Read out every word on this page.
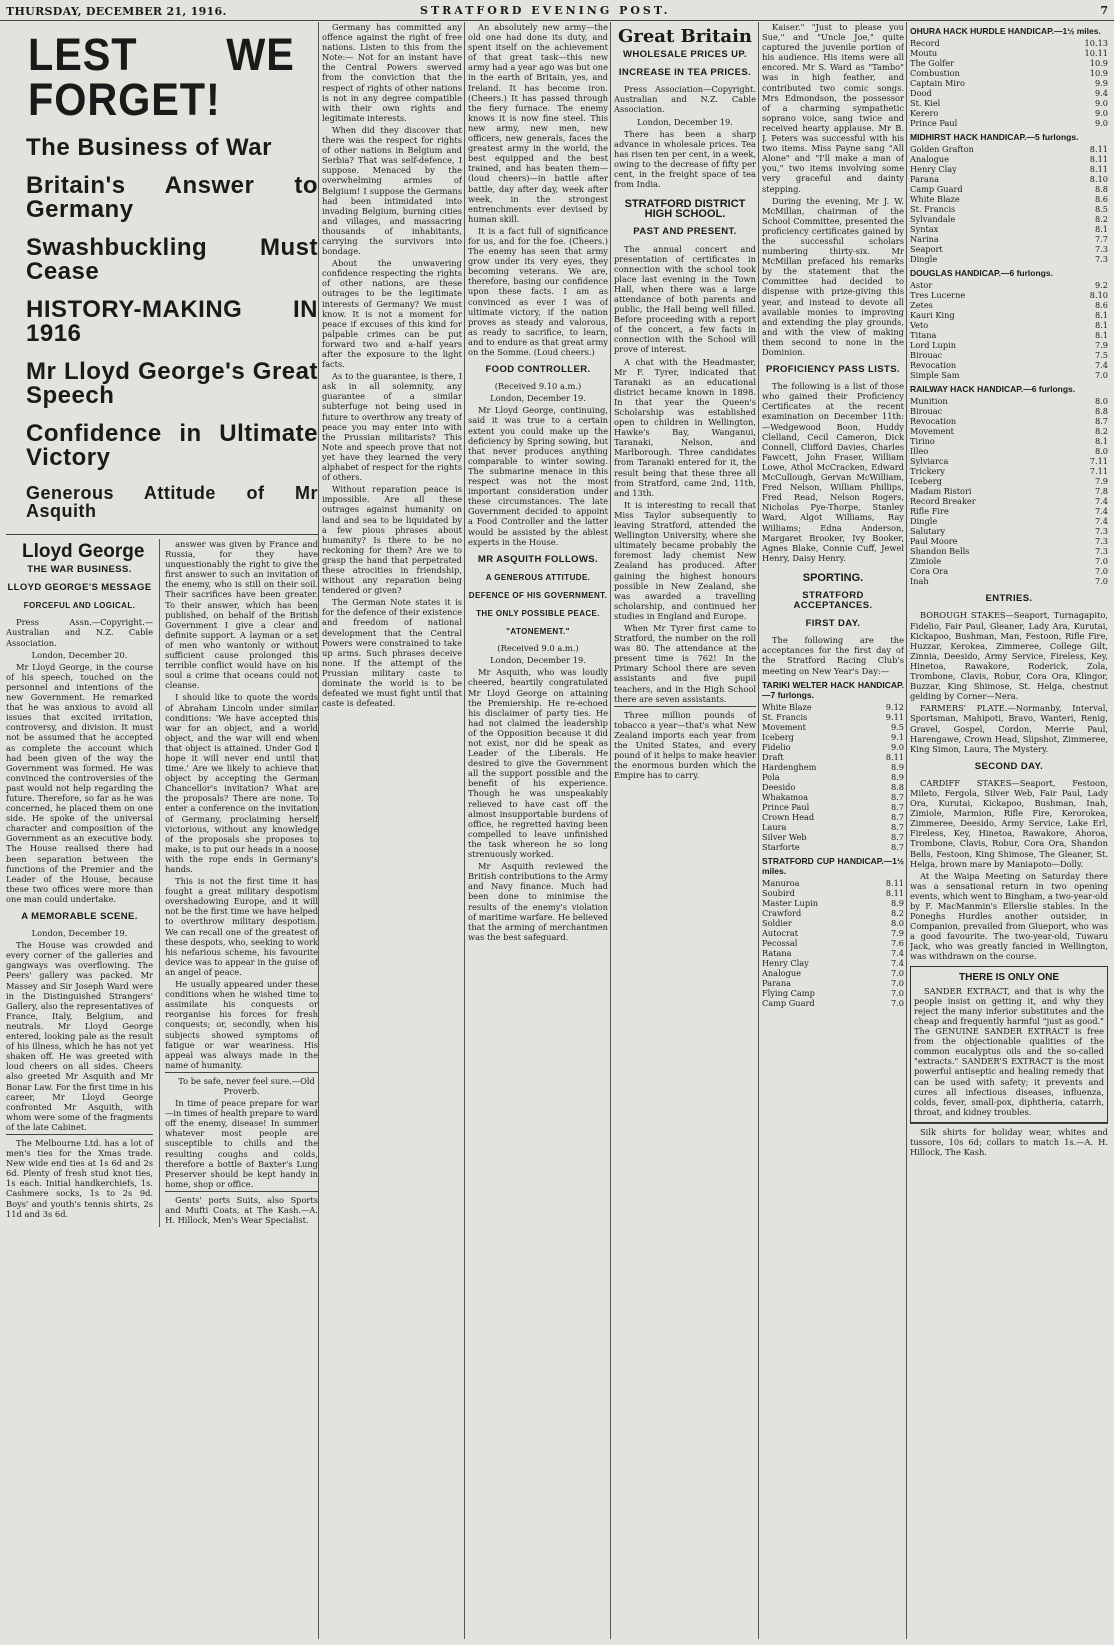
THURSDAY, DECEMBER 21, 1916.	STRATFORD EVENING POST.	7
LEST WE FORGET!
The Business of War
Britain's Answer to Germany
Swashbuckling Must Cease
HISTORY-MAKING IN 1916
Mr Lloyd George's Great Speech
Confidence in Ultimate Victory
Generous Attitude of Mr Asquith
Lloyd George
THE WAR BUSINESS.
LLOYD GEORGE'S MESSAGE
FORCEFUL AND LOGICAL.

Press Assn.—Copyright.—Australian and N.Z. Cable Association.

London, December 20.

Mr Lloyd George, in the course of his speech, touched on the personnel and intentions of the new Government. He remarked that he was anxious to avoid all issues that excited irritation, controversy, and division. It must not be assumed that he accepted as complete the account which had been given of the way the Government was formed. He was convinced the controversies of the past would not help regarding the future. Therefore, so far as he was concerned, he placed them on one side. He spoke of the universal character and composition of the Government as an executive body. The House realised there had been separation between the functions of the Premier and the Leader of the House, because these two offices were more than one man could undertake.

A MEMORABLE SCENE.
London, December 19.

The House was crowded and every corner of the galleries and gangways was overflowing. The Peers' gallery was packed. Mr Massey and Sir Joseph Ward were in the Distinguished Strangers' Gallery, also the representatives of France, Italy, Belgium, and neutrals. Mr Lloyd George entered, looking pale as the result of his illness, which he has not yet shaken off. He was greeted with loud cheers on all sides. Cheers also greeted Mr Asquith and Mr Bonar Law. For the first time in his career, Mr Lloyd George confronted Mr Asquith, with whom were some of the fragments of the late Cabinet.

The Melbourne Ltd. has a lot of men's ties for the Xmas trade. New wide end ties at 1s 6d and 2s 6d. Plenty of fresh stud knot ties, 1s each. Initial handkerchiefs, 1s. Cashmere socks, 1s to 2s 9d. Boys' and youth's tennis shirts, 2s 11d and 3s 6d.

answer was given by France and Russia, for they have unquestionably the right to give the first answer to such an invitation of the enemy, who is still on their soil. Their sacrifices have been greater. To their answer, which has been published, on behalf of the British Government I give a clear and definite support. A layman or a set of men who wantonly or without sufficient cause prolonged this terrible conflict would have on his soul a crime that oceans could not cleanse.

I should like to quote the words of Abraham Lincoln under similar conditions: 'We have accepted this war for an object, and a world object, and the war will end when that object is attained. Under God I hope it will never end until that time.' Are we likely to achieve that object by accepting the German Chancellor's invitation? What are the proposals? There are none. To enter a conference on the invitation of Germany, proclaiming herself victorious, without any knowledge of the proposals she proposes to make, is to put our heads in a noose with the rope ends in Germany's hands.

This is not the first time it has fought a great military despotism overshadowing Europe, and it will not be the first time we have helped to overthrow military despotism. We can recall one of the greatest of these despots, who, seeking to work his nefarious scheme, his favourite device was to appear in the guise of an angel of peace.

He usually appeared under these conditions when he wished time to assimilate his conquests or reorganise his forces for fresh conquests; or, secondly, when his subjects showed symptoms of fatigue or war weariness. His appeal was always made in the name of humanity.

To be safe, never feel sure.—Old Proverb.

In time of peace prepare for war—in times of health prepare to ward off the enemy, disease! In summer whatever most people are susceptible to chills and the resulting coughs and colds, therefore a bottle of Baxter's Lung Preserver should be kept handy in home, shop or office.

Gents' ports Suits, also Sports and Mufti Coats, at The Kash.—A. H. Hillock, Men's Wear Specialist.

Germany has committed any offence against the right of free nations. Listen to this from the Note:— Not for an instant have the Central Powers swerved from the conviction that the respect of rights of other nations is not in any degree compatible with their own rights and legitimate interests.

When did they discover that there was the respect for rights of other nations in Belgium and Serbia? That was self-defence, I suppose. Menaced by the overwhelming armies of Belgium! I suppose the Germans had been intimidated into invading Belgium, burning cities and villages, and massacring thousands of inhabitants, carrying the survivors into bondage.

About the unwavering confidence respecting the rights of other nations, are these outrages to be the legitimate interests of Germany? We must know. It is not a moment for peace if excuses of this kind for palpable crimes can be put forward two and a-half years after the exposure to the light facts.

As to the guarantee, is there, I ask in all solemnity, any guarantee of a similar subterfuge not being used in future to overthrow any treaty of peace you may enter into with the Prussian militarists? This Note and speech prove that not yet have they learned the very alphabet of respect for the rights of others.

Without reparation peace is impossible. Are all these outrages against humanity on land and sea to be liquidated by a few pious phrases about humanity? Is there to be no reckoning for them? Are we to grasp the hand that perpetrated these atrocities in friendship, without any reparation being tendered or given?

The German Note states it is for the defence of their existence and freedom of national development that the Central Powers were constrained to take up arms. Such phrases deceive none. If the attempt of the Prussian military caste to dominate the world is to be defeated we must fight until that caste is defeated.

An absolutely new army—the old one had done its duty, and spent itself on the achievement of that great task—this new army had a year ago was but one in the earth of Britain, yes, and Ireland. It has become iron. (Cheers.) It has passed through the fiery furnace. The enemy knows it is now fine steel. This new army, new men, new officers, new generals, faces the greatest army in the world, the best equipped and the best trained, and has beaten them—(loud cheers)—in battle after battle, day after day, week after week, in the strongest entrenchments ever devised by human skill.

It is a fact full of significance for us, and for the foe. (Cheers.) The enemy has seen that army grow under its very eyes, they becoming veterans. We are, therefore, basing our confidence upon these facts. I am as convinced as ever I was of ultimate victory, if the nation proves as steady and valorous, as ready to sacrifice, to learn, and to endure as that great army on the Somme. (Loud cheers.)

FOOD CONTROLLER.
(Received 9.10 a.m.)
London, December 19.

Mr Lloyd George, continuing, said it was true to a certain extent you could make up the deficiency by Spring sowing, but that never produces anything comparable to winter sowing. The submarine menace in this respect was not the most important consideration under these circumstances. The late Government decided to appoint a Food Controller and the latter would be assisted by the ablest experts in the House.

MR ASQUITH FOLLOWS.
A GENEROUS ATTITUDE.
DEFENCE OF HIS GOVERNMENT.
THE ONLY POSSIBLE PEACE.
"ATONEMENT."
(Received 9.0 a.m.)
London, December 19.

Mr Asquith, who was loudly cheered, heartily congratulated Mr Lloyd George on attaining the Premiership. He re-echoed his disclaimer of party ties. He had not claimed the leadership of the Opposition because it did not exist, nor did he speak as Leader of the Liberals. He desired to give the Government all the support possible and the benefit of his experience. Though he was unspeakably relieved to have cast off the almost insupportable burdens of office, he regretted having been compelled to leave unfinished the task whereon he so long strenuously worked.

Mr Asquith reviewed the British contributions to the Army and Navy finance. Much had been done to minimise the results of the enemy's violation of maritime warfare. He believed that the arming of merchantmen was the best safeguard.

Great Britain
WHOLESALE PRICES UP.
INCREASE IN TEA PRICES.

Press Association—Copyright. Australian and N.Z. Cable Association.

London, December 19.

There has been a sharp advance in wholesale prices. Tea has risen ten per cent, in a week, owing to the decrease of fifty per cent, in the freight space of tea from India.

STRATFORD DISTRICT HIGH SCHOOL.
PAST AND PRESENT.

The annual concert and presentation of certificates in connection with the school took place last evening in the Town Hall, when there was a large attendance of both parents and public, the Hall being well filled. Before proceeding with a report of the concert, a few facts in connection with the School will prove of interest.

A chat with the Headmaster, Mr F. Tyrer, indicated that Taranaki as an educational district became known in 1898. In that year the Queen's Scholarship was established open to children in Wellington, Hawke's Bay, Wanganui, Taranaki, Nelson, and Marlborough. Three candidates from Taranaki entered for it, the result being that these three all from Stratford, came 2nd, 11th, and 13th.

It is interesting to recall that Miss Taylor subsequently to leaving Stratford, attended the Wellington University, where she ultimately became probably the foremost lady chemist New Zealand has produced. After gaining the highest honours possible in New Zealand, she was awarded a travelling scholarship, and continued her studies in England and Europe.

When Mr Tyrer first came to Stratford, the number on the roll was 80. The attendance at the present time is 762! In the Primary School there are seven assistants and five pupil teachers, and in the High School there are seven assistants.

Three million pounds of tobacco a year—that's what New Zealand imports each year from the United States, and every pound of it helps to make heavier the enormous burden which the Empire has to carry.

Kaiser." "Just to please you Sue," and "Uncle Joe," quite captured the juvenile portion of his audience. His items were all encored. Mr S. Ward as "Tambo" was in high feather, and contributed two comic songs. Mrs Edmondson, the possessor of a charming sympathetic soprano voice, sang twice and received hearty applause. Mr B. J. Peters was successful with his two items. Miss Payne sang "All Alone" and "I'll make a man of you," two items involving some very graceful and dainty stepping.

During the evening, Mr J. W. McMillan, chairman of the School Committee, presented the proficiency certificates gained by the successful scholars numbering thirty-six. Mr McMillan prefaced his remarks by the statement that the Committee had decided to dispense with prize-giving this year, and instead to devote all available monies to improving and extending the play grounds, and with the view of making them second to none in the Dominion.

PROFICIENCY PASS LISTS.

The following is a list of those who gained their Proficiency Certificates at the recent examination on December 11th:—Wedgewood Boon, Huddy Clelland, Cecil Cameron, Dick Connell, Clifford Davies, Charles Fawcett, John Fraser, William Lowe, Athol McCracken, Edward McCullough, Gervan McWilliam, Fred Nelson, William Phillips, Fred Read, Nelson Rogers, Nicholas Pye-Thorpe, Stanley Ward, Algot Williams, Ray Williams; Edna Anderson, Margaret Brooker, Ivy Booker, Agnes Blake, Connie Cuff, Jewel Henry, Daisy Henry.

SPORTING.
STRATFORD ACCEPTANCES.
FIRST DAY.

The following are the acceptances for the first day of the Stratford Racing Club's meeting on New Year's Day:—

TARIKI WELTER HACK HANDICAP.—7 furlongs.
White Blaze	9.12
St. Francis	9.11
Movement	9.5
Iceberg	9.1
Fidelio	9.0
Draft	8.11
Hardenghem	8.9
Pola	8.9
Deesido	8.8
Whakamoa	8.7
Prince Paul	8.7
Crown Head	8.7
Laura	8.7
Silver Web	8.7
Starforte	8.7
STRATFORD CUP HANDICAP.—1½ miles.
Manuroa	8.11
Soubird	8.11
Master Lupin	8.9
Crawford	8.2
Soldier	8.0
Autocrat	7.9
Pecossal	7.6
Ratana	7.4
Henry Clay	7.4
Analogue	7.0
Parana	7.0
Flying Camp	7.0
Camp Guard	7.0
OHURA HACK HURDLE HANDICAP.—1½ miles.
Record	10.13
Moutu	10.11
The Golfer	10.9
Combustion	10.9
Captain Miro	9.9
Dood	9.4
St. Kiel	9.0
Kerero	9.0
Prince Paul	9.0
MIDHIRST HACK HANDICAP.—5 furlongs.
Golden Grafton	8.11
Analogue	8.11
Henry Clay	8.11
Parana	8.10
Camp Guard	8.8
White Blaze	8.6
St. Francis	8.5
Sylvandale	8.2
Syntax	8.1
Narina	7.7
Seaport	7.3
Dingle	7.3
DOUGLAS HANDICAP.—6 furlongs.
Astor	9.2
Tres Lucerne	8.10
Zetes	8.6
Kauri King	8.1
Veto	8.1
Titana	8.1
Lord Lupin	7.9
Birouac	7.5
Revocation	7.4
Simple Sam	7.0
RAILWAY HACK HANDICAP.—6 furlongs.
Munition	8.0
Birouac	8.8
Revocation	8.7
Movement	8.2
Tirino	8.1
Illeo	8.0
Sylviarca	7.11
Trickery	7.11
Iceberg	7.9
Madam Ristori	7.8
Record Breaker	7.4
Rifle Fire	7.4
Dingle	7.4
Salutary	7.3
Paul Moore	7.3
Shandon Bells	7.3
Zimiole	7.0
Cora Ora	7.0
Inah	7.0
ENTRIES.

BOROUGH STAKES—Seaport, Turnagapito, Fidelio, Fair Paul, Gleaner, Lady Ara, Kurutai, Kickapoo, Bushman, Man, Festoon, Rifle Fire, Huzzar, Kerokea, Zimmeree, College Gilt, Zinnia, Deesido, Army Service, Fireless, Key, Hinetoa, Rawakore, Roderick, Zola, Trombone, Clavis, Robur, Cora Ora, Klingor, Buzzar, King Shimose, St. Helga, chestnut gelding by Corner—Nera.

FARMERS' PLATE.—Normanby, Interval, Sportsman, Mahipoti, Bravo, Wanteri, Renig, Gravel, Gospel, Cordon, Merrie Paul, Harengawe, Crown Head, Slipshot, Zimmeree, King Simon, Laura, The Mystery.

SECOND DAY.

CARDIFF STAKES—Seaport, Festoon, Mileto, Fergola, Silver Web, Fair Paul, Lady Ora, Kurutai, Kickapoo, Bushman, Inah, Zimiole, Marmion, Rifle Fire, Kerorokea, Zimmeree, Deesido, Army Service, Lake Erl, Fireless, Key, Hinetoa, Rawakore, Ahoroa, Trombone, Clavis, Robur, Cora Ora, Shandon Bells, Festoon, King Shimose, The Gleaner, St. Helga, brown mare by Maniapoto—Dolly.

At the Waipa Meeting on Saturday there was a sensational return in two opening events, which went to Bingham, a two-year-old by F. MacManmin's Ellerslie stables. In the Poneghs Hurdles another outsider, in Companion, prevailed from Glueport, who was a good favourite. The two-year-old, Tuwaru Jack, who was greatly fancied in Wellington, was withdrawn on the course.

THERE IS ONLY ONE

SANDER EXTRACT, and that is why the people insist on getting it, and why they reject the many inferior substitutes and the cheap and frequently harmful "just as good." The GENUINE SANDER EXTRACT is free from the objectionable qualities of the common eucalyptus oils and the so-called "extracts." SANDER'S EXTRACT is the most powerful antiseptic and healing remedy that can be used with safety; it prevents and cures all infectious diseases, influenza, colds, fever, small-pox, diphtheria, catarrh, throat, and kidney troubles.

Silk shirts for holiday wear, whites and tussore, 10s 6d; collars to match 1s.—A. H. Hillock, The Kash.
